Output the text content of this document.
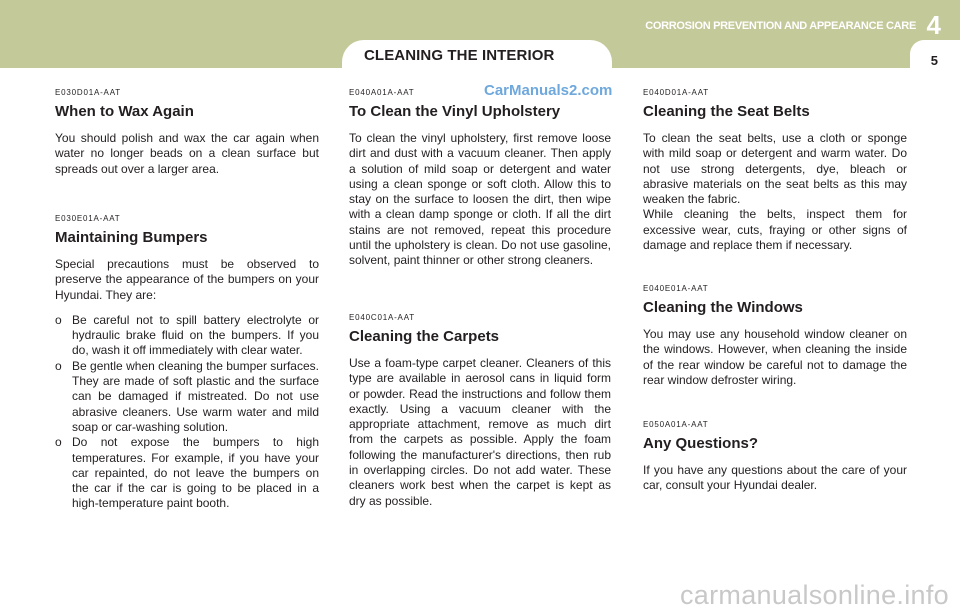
CLEANING THE INTERIOR
CORROSION PREVENTION AND APPEARANCE CARE 4
5
CarManuals2.com
carmanualsonline.info
E030D01A-AAT
When to Wax Again

You should polish and wax the car again when water no longer beads on a clean surface but spreads out over a larger area.

E030E01A-AAT
Maintaining Bumpers

Special precautions must be observed to preserve the appearance of the bumpers on your Hyundai. They are:

o Be careful not to spill battery electrolyte or hydraulic brake fluid on the bumpers. If you do, wash it off immediately with clear water.
o Be gentle when cleaning the bumper surfaces. They are made of soft plastic and the surface can be damaged if mistreated. Do not use abrasive cleaners. Use warm water and mild soap or car-washing solution.
o Do not expose the bumpers to high temperatures. For example, if you have your car repainted, do not leave the bumpers on the car if the car is going to be placed in a high-temperature paint booth.
E040A01A-AAT
To Clean the Vinyl Upholstery

To clean the vinyl upholstery, first remove loose dirt and dust with a vacuum cleaner. Then apply a solution of mild soap or detergent and water using a clean sponge or soft cloth. Allow this to stay on the surface to loosen the dirt, then wipe with a clean damp sponge or cloth. If all the dirt stains are not removed, repeat this procedure until the upholstery is clean. Do not use gasoline, solvent, paint thinner or other strong cleaners.

E040C01A-AAT
Cleaning the Carpets

Use a foam-type carpet cleaner. Cleaners of this type are available in aerosol cans in liquid form or powder. Read the instructions and follow them exactly. Using a vacuum cleaner with the appropriate attachment, remove as much dirt from the carpets as possible. Apply the foam following the manufacturer's directions, then rub in overlapping circles. Do not add water. These cleaners work best when the carpet is kept as dry as possible.

E040D01A-AAT
Cleaning the Seat Belts

To clean the seat belts, use a cloth or sponge with mild soap or detergent and warm water. Do not use strong detergents, dye, bleach or abrasive materials on the seat belts as this may weaken the fabric.

While cleaning the belts, inspect them for excessive wear, cuts, fraying or other signs of damage and replace them if necessary.

E040E01A-AAT
Cleaning the Windows

You may use any household window cleaner on the windows. However, when cleaning the inside of the rear window be careful not to damage the rear window defroster wiring.

E050A01A-AAT
Any Questions?

If you have any questions about the care of your car, consult your Hyundai dealer.
